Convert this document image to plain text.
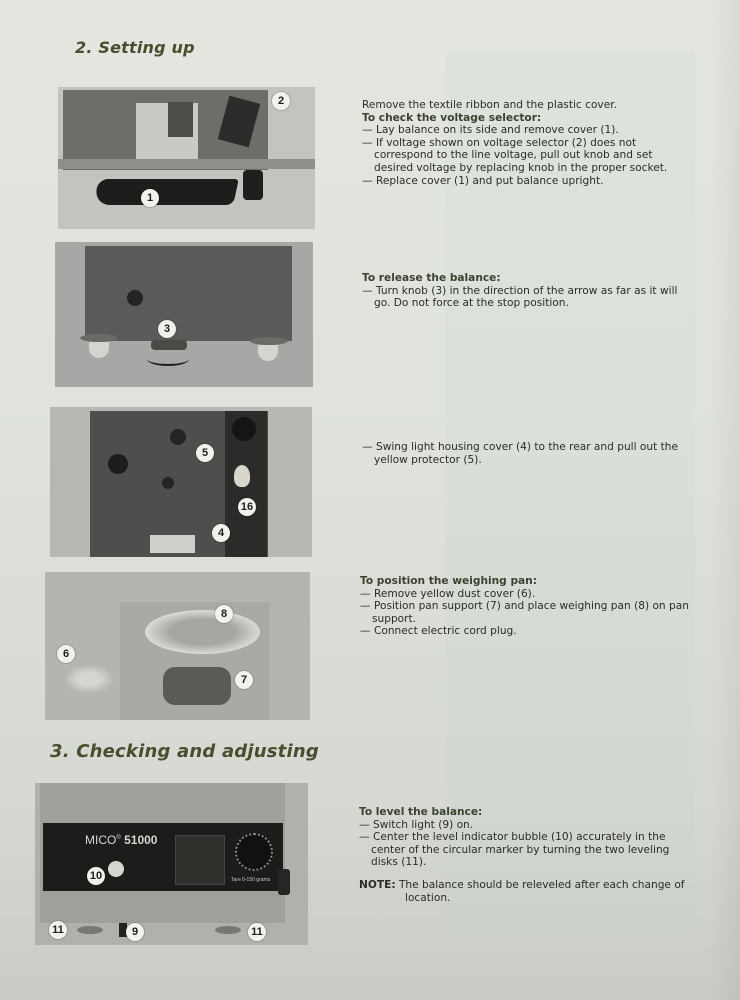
2. Setting up
1
2	Remove the textile ribbon and the plastic cover.
To check the voltage selector:
— Lay balance on its side and remove cover (1).
— If voltage shown on voltage selector (2) does not correspond to the line voltage, pull out knob and set desired voltage by replacing knob in the proper socket.
— Replace cover (1) and put balance upright.
3
To release the balance:
— Turn knob (3) in the direction of the arrow as far as it will go. Do not force at the stop position.
5
16
4
— Swing light housing cover (4) to the rear and pull out the yellow protector (5).
8
6
7
To position the weighing pan:
— Remove yellow dust cover (6).
— Position pan support (7) and place weighing pan (8) on pan support.
— Connect electric cord plug.
3. Checking and adjusting
MICO® 51000
Tare 0-150 grams
10
11	9	11
To level the balance:
— Switch light (9) on.
— Center the level indicator bubble (10) accurately in the center of the circular marker by turning the two leveling disks (11).
NOTE: The balance should be releveled after each change of location.
